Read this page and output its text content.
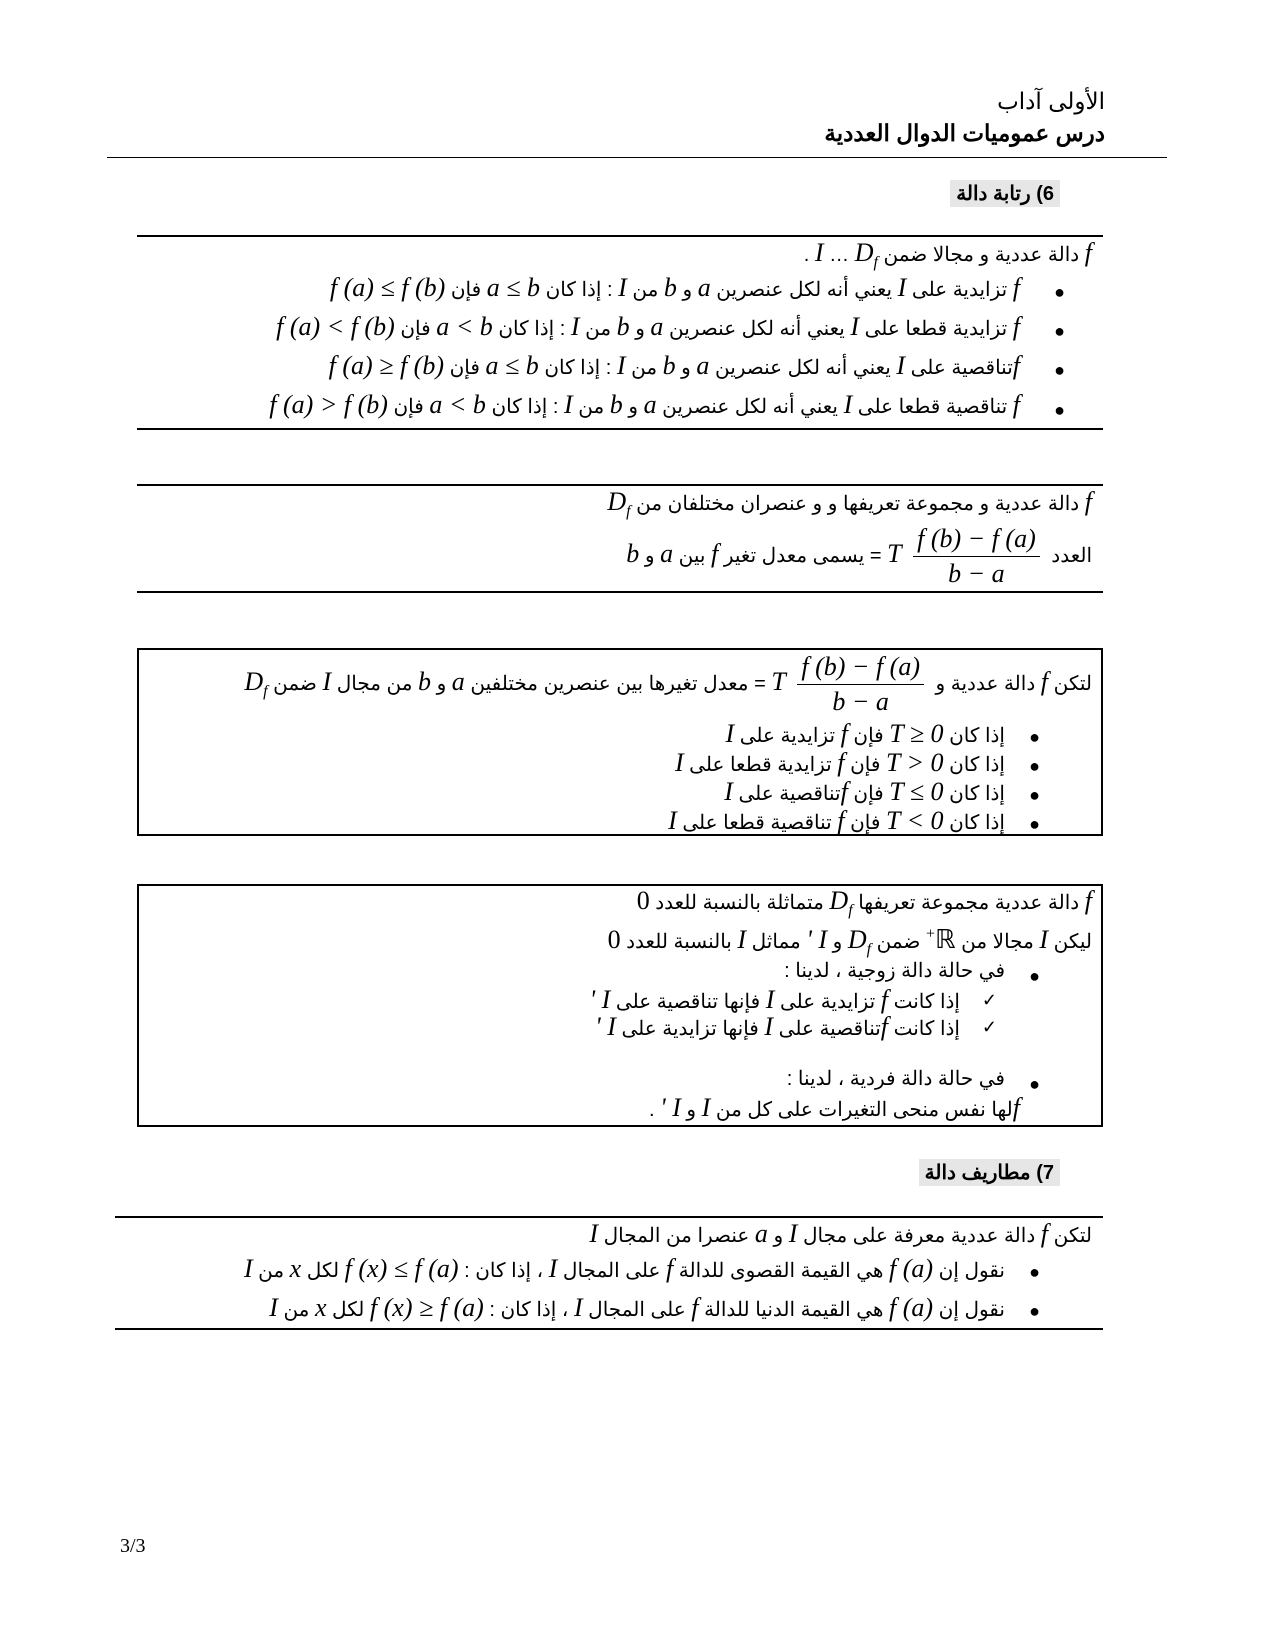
الأولى آداب
درس عموميات الدوال العددية
6) رتابة دالة
f دالة عددية و مجالا ضمن I … $D_f$ .
●
f تزايدية على I يعني أنه لكل عنصرين a و b من I : إذا كان a ≤ b فإن f (a) ≤ f (b)
●
f تزايدية قطعا على I يعني أنه لكل عنصرين a و b من I : إذا كان a < b فإن f (a) < f (b)
●
fتناقصية على I يعني أنه لكل عنصرين a و b من I : إذا كان a ≤ b فإن f (a) ≥ f (b)
●
f تناقصية قطعا على I يعني أنه لكل عنصرين a و b من I : إذا كان a < b فإن f (a) > f (b)
f دالة عددية و مجموعة تعريفها و و عنصران مختلفان من $D_f$
العدد
$\frac{f (b) - f (a)}{b - a}$
T = يسمى معدل تغير f بين a و b
لتكن f دالة عددية و
$\frac{f (b) - f (a)}{b - a}$
T = معدل تغيرها بين عنصرين مختلفين a و b من مجال I ضمن $D_f$
●
إذا كان T ≥ 0 فإن f تزايدية على I
●
إذا كان T > 0 فإن f تزايدية قطعا على I
●
إذا كان T ≤ 0 فإن fتناقصية على I
●
إذا كان T < 0 فإن f تناقصية قطعا على I
f دالة عددية مجموعة تعريفها $D_f$ متماثلة بالنسبة للعدد 0
ليكن I مجالا من ℝ+ ضمن $D_f$ و I ' مماثل I بالنسبة للعدد 0
●
في حالة دالة زوجية ، لدينا :
✓
إذا كانت f تزايدية على I فإنها تناقصية على I '
✓
إذا كانت fتناقصية على I فإنها تزايدية على I '
●
في حالة دالة فردية ، لدينا :
fلها نفس منحى التغيرات على كل من I و I ' .
7) مطاريف دالة
لتكن f دالة عددية معرفة على مجال I و a عنصرا من المجال I
●
نقول إن f (a) هي القيمة القصوى للدالة f على المجال I ، إذا كان : f (x) ≤ f (a) لكل x من I
●
نقول إن f (a) هي القيمة الدنيا للدالة f على المجال I ، إذا كان : f (x) ≥ f (a) لكل x من I
3/3
